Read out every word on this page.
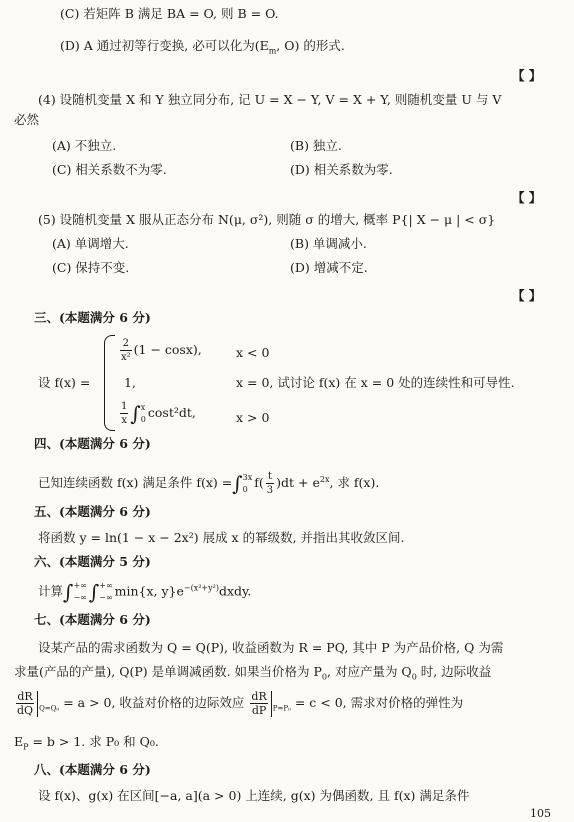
(C) 若矩阵 B 满足 BA = O, 则 B = O.
(D) A 通过初等行变换, 必可以化为($E_m$, O) 的形式.
【 】
(4) 设随机变量 X 和 Y 独立同分布, 记 U = X − Y, V = X + Y, 则随机变量 U 与 V
必然
(A) 不独立.	(B) 独立.
(C) 相关系数不为零.	(D) 相关系数为零.
【 】
(5) 设随机变量 X 服从正态分布 N(μ, σ²), 则随 σ 的增大, 概率 P{| X − μ | < σ}
(A) 单调增大.	(B) 单调减小.
(C) 保持不变.	(D) 增减不定.
【 】
三、(本题满分 6 分)
设 f(x) =
$\frac{2}{\text{x²}} (1 - \cos x)$,	x < 0
1,	x = 0, 试讨论 f(x) 在 x = 0 处的连续性和可导性.
$\frac{1}{x} \int x$
0 cost²dt,	x > 0
四、(本题满分 6 分)
已知连续函数 f(x) 满足条件 f(x) =∫3x
0 $f( \frac{t}{3} )dt + e^{2x}$, 求 f(x).
五、(本题满分 6 分)
将函数 y = ln(1 − x − 2x²) 展成 x 的幂级数, 并指出其收敛区间.
六、(本题满分 5 分)
计算∫+∞
−∞ ∫+∞
−∞ min{x, $y\}e^{-(x^2+y^2)}dxdy$.
七、(本题满分 6 分)
设某产品的需求函数为 Q = Q(P), 收益函数为 R = PQ, 其中 P 为产品价格, Q 为需
求量(产品的产量), Q(P) 是单调减函数. 如果当价格为 $P_0$, 对应产量为 $Q_0$ 时, 边际收益
$\frac{dR}{dQ} _{Q=Q_0} = a > 0$, 收益对价格的边际效应 $\frac{dR}{dP} _{P=P_0} = c < 0$, 需求对价格的弹性为
$E_P = b > 1$. 求 P₀ 和 Q₀.
八、(本题满分 6 分)
设 f(x)、g(x) 在区间[−a, a](a > 0) 上连续, g(x) 为偶函数, 且 f(x) 满足条件
105
